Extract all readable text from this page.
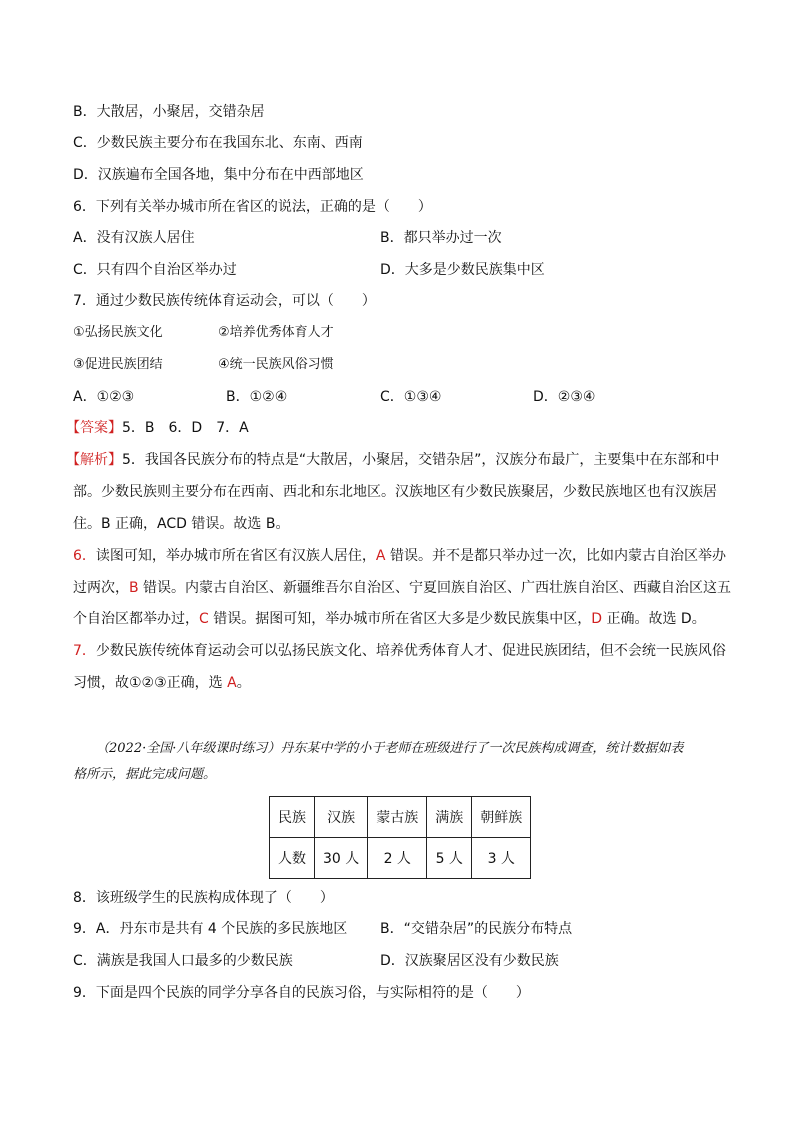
B．大散居，小聚居，交错杂居
C．少数民族主要分布在我国东北、东南、西南
D．汉族遍布全国各地，集中分布在中西部地区
6．下列有关举办城市所在省区的说法，正确的是（　　）
A．没有汉族人居住	B．都只举办过一次
C．只有四个自治区举办过	D．大多是少数民族集中区
7．通过少数民族传统体育运动会，可以（　　）
①弘扬民族文化	②培养优秀体育人才
③促进民族团结	④统一民族风俗习惯
A．①②③	B．①②④	C．①③④	D．②③④
【答案】5．B　6．D　7．A
【解析】5．我国各民族分布的特点是“大散居，小聚居，交错杂居”，汉族分布最广，主要集中在东部和中
部。少数民族则主要分布在西南、西北和东北地区。汉族地区有少数民族聚居，少数民族地区也有汉族居
住。B 正确，ACD 错误。故选 B。
6．读图可知，举办城市所在省区有汉族人居住，A 错误。并不是都只举办过一次，比如内蒙古自治区举办
过两次，B 错误。内蒙古自治区、新疆维吾尔自治区、宁夏回族自治区、广西壮族自治区、西藏自治区这五
个自治区都举办过，C 错误。据图可知，举办城市所在省区大多是少数民族集中区，D 正确。故选 D。
7．少数民族传统体育运动会可以弘扬民族文化、培养优秀体育人才、促进民族团结，但不会统一民族风俗
习惯，故①②③正确，选 A。
（2022·全国·八年级课时练习）丹东某中学的小于老师在班级进行了一次民族构成调查，统计数据如表
格所示，据此完成问题。
民族	汉族	蒙古族	满族	朝鲜族
人数	30 人	2 人	5 人	3 人
8．该班级学生的民族构成体现了（　　）
9．A．丹东市是共有 4 个民族的多民族地区 B．“交错杂居”的民族分布特点
C．满族是我国人口最多的少数民族	D．汉族聚居区没有少数民族
9．下面是四个民族的同学分享各自的民族习俗，与实际相符的是（　　）
